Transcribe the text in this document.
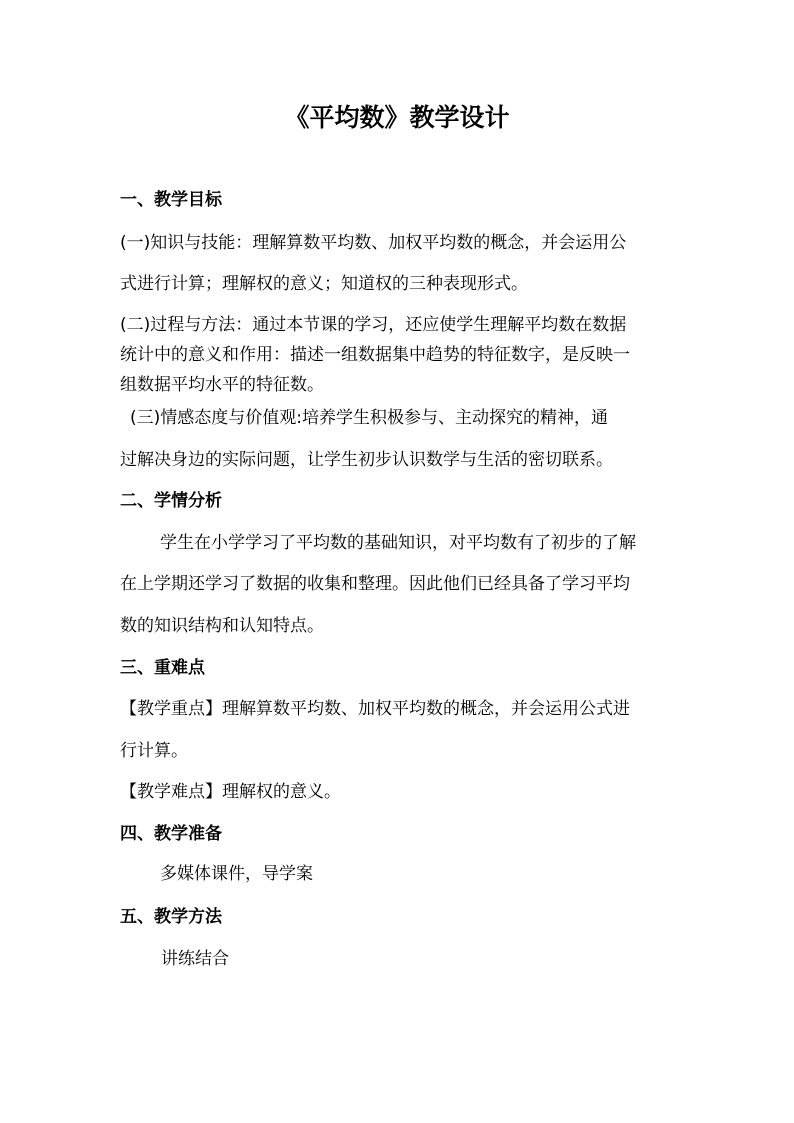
《平均数》教学设计
一、教学目标
(一)知识与技能：理解算数平均数、加权平均数的概念，并会运用公
式进行计算；理解权的意义；知道权的三种表现形式。
(二)过程与方法：通过本节课的学习，还应使学生理解平均数在数据
统计中的意义和作用：描述一组数据集中趋势的特征数字，是反映一
组数据平均水平的特征数。
(三)情感态度与价值观:培养学生积极参与、主动探究的精神，通
过解决身边的实际问题，让学生初步认识数学与生活的密切联系。
二、学情分析
学生在小学学习了平均数的基础知识，对平均数有了初步的了解
在上学期还学习了数据的收集和整理。因此他们已经具备了学习平均
数的知识结构和认知特点。
三、重难点
【教学重点】理解算数平均数、加权平均数的概念，并会运用公式进
行计算。
【教学难点】理解权的意义。
四、教学准备
多媒体课件，导学案
五、教学方法
讲练结合
